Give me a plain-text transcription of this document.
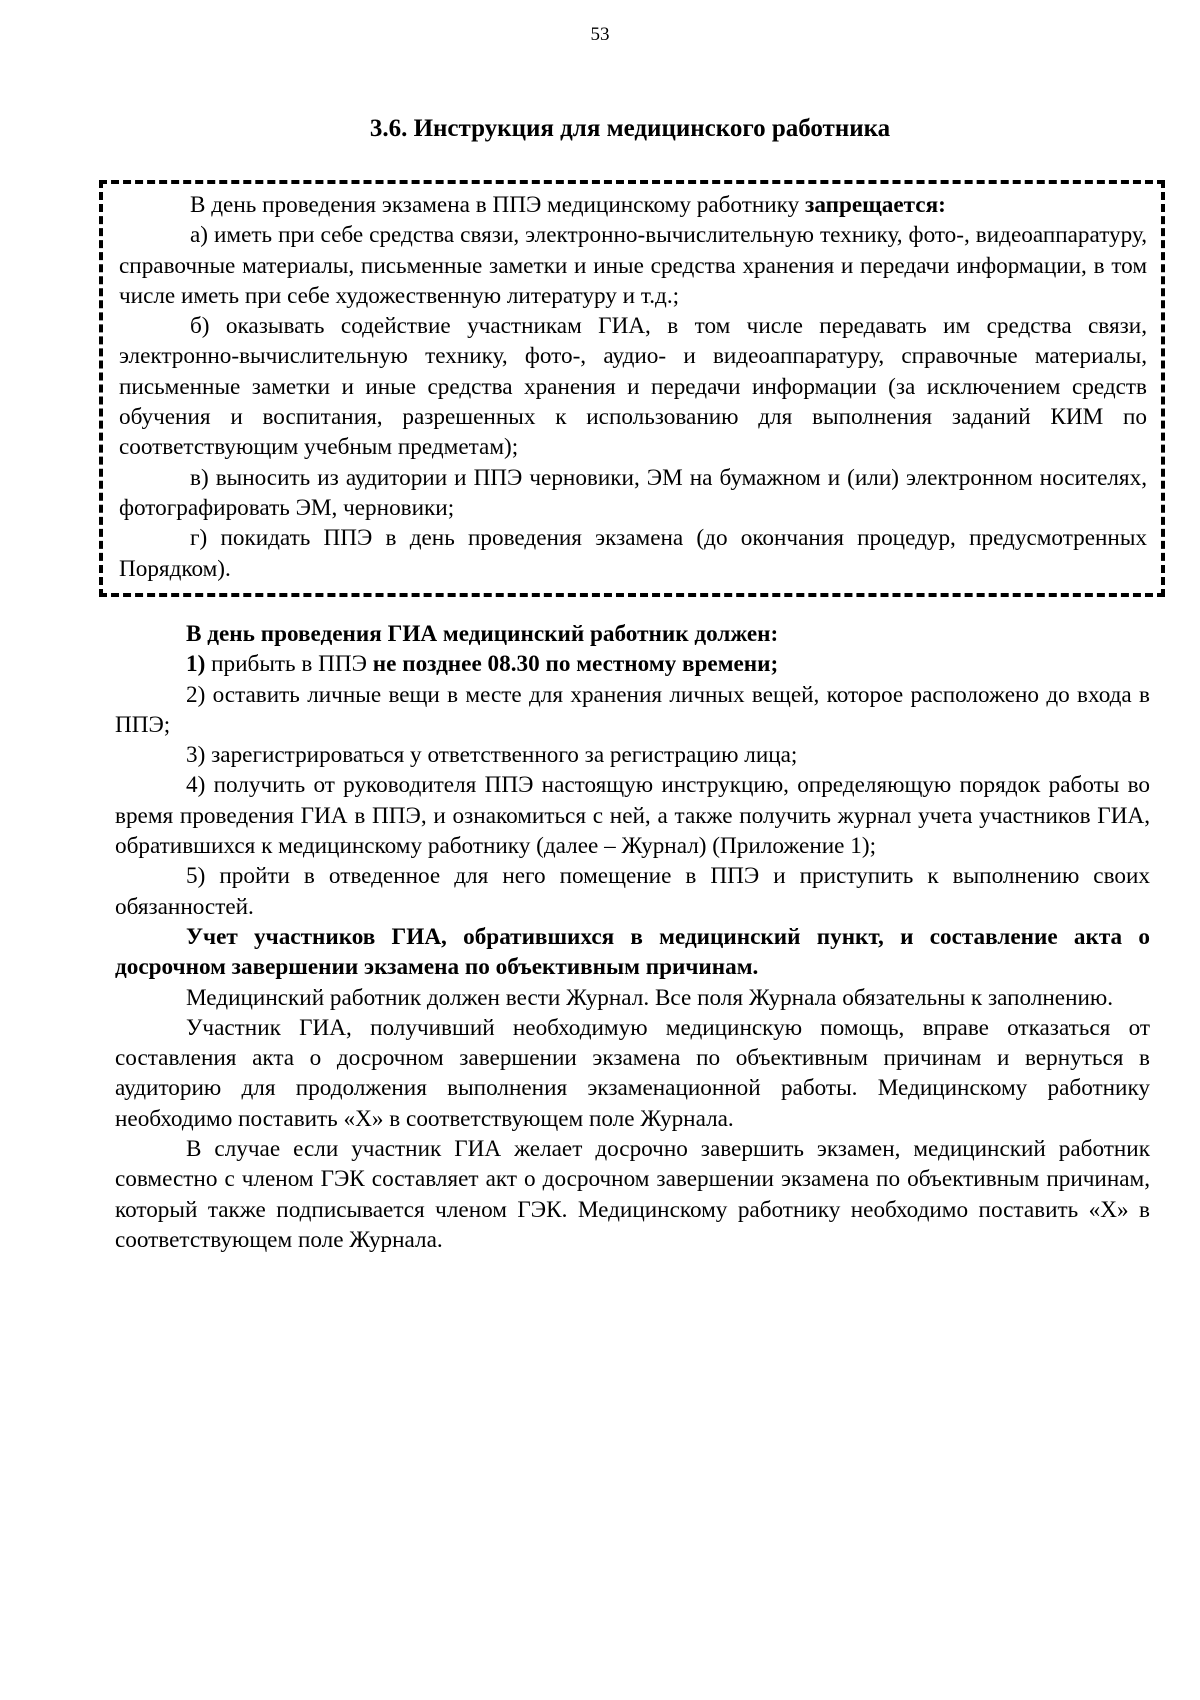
53
3.6. Инструкция для медицинского работника

В день проведения экзамена в ППЭ медицинскому работнику запрещается:

а) иметь при себе средства связи, электронно-вычислительную технику, фото-, видеоаппаратуру, справочные материалы, письменные заметки и иные средства хранения и передачи информации, в том числе иметь при себе художественную литературу и т.д.;

б) оказывать содействие участникам ГИА, в том числе передавать им средства связи, электронно-вычислительную технику, фото-, аудио- и видеоаппаратуру, справочные материалы, письменные заметки и иные средства хранения и передачи информации (за исключением средств обучения и воспитания, разрешенных к использованию для выполнения заданий КИМ по соответствующим учебным предметам);

в) выносить из аудитории и ППЭ черновики, ЭМ на бумажном и (или) электронном носителях, фотографировать ЭМ, черновики;

г) покидать ППЭ в день проведения экзамена (до окончания процедур, предусмотренных Порядком).

В день проведения ГИА медицинский работник должен:

1) прибыть в ППЭ не позднее 08.30 по местному времени;

2) оставить личные вещи в месте для хранения личных вещей, которое расположено до входа в ППЭ;

3) зарегистрироваться у ответственного за регистрацию лица;

4) получить от руководителя ППЭ настоящую инструкцию, определяющую порядок работы во время проведения ГИА в ППЭ, и ознакомиться с ней, а также получить журнал учета участников ГИА, обратившихся к медицинскому работнику (далее – Журнал) (Приложение 1);

5) пройти в отведенное для него помещение в ППЭ и приступить к выполнению своих обязанностей.

Учет участников ГИА, обратившихся в медицинский пункт, и составление акта о досрочном завершении экзамена по объективным причинам.

Медицинский работник должен вести Журнал. Все поля Журнала обязательны к заполнению.

Участник ГИА, получивший необходимую медицинскую помощь, вправе отказаться от составления акта о досрочном завершении экзамена по объективным причинам и вернуться в аудиторию для продолжения выполнения экзаменационной работы. Медицинскому работнику необходимо поставить «Х» в соответствующем поле Журнала.

В случае если участник ГИА желает досрочно завершить экзамен, медицинский работник совместно с членом ГЭК составляет акт о досрочном завершении экзамена по объективным причинам, который также подписывается членом ГЭК. Медицинскому работнику необходимо поставить «Х» в соответствующем поле Журнала.
